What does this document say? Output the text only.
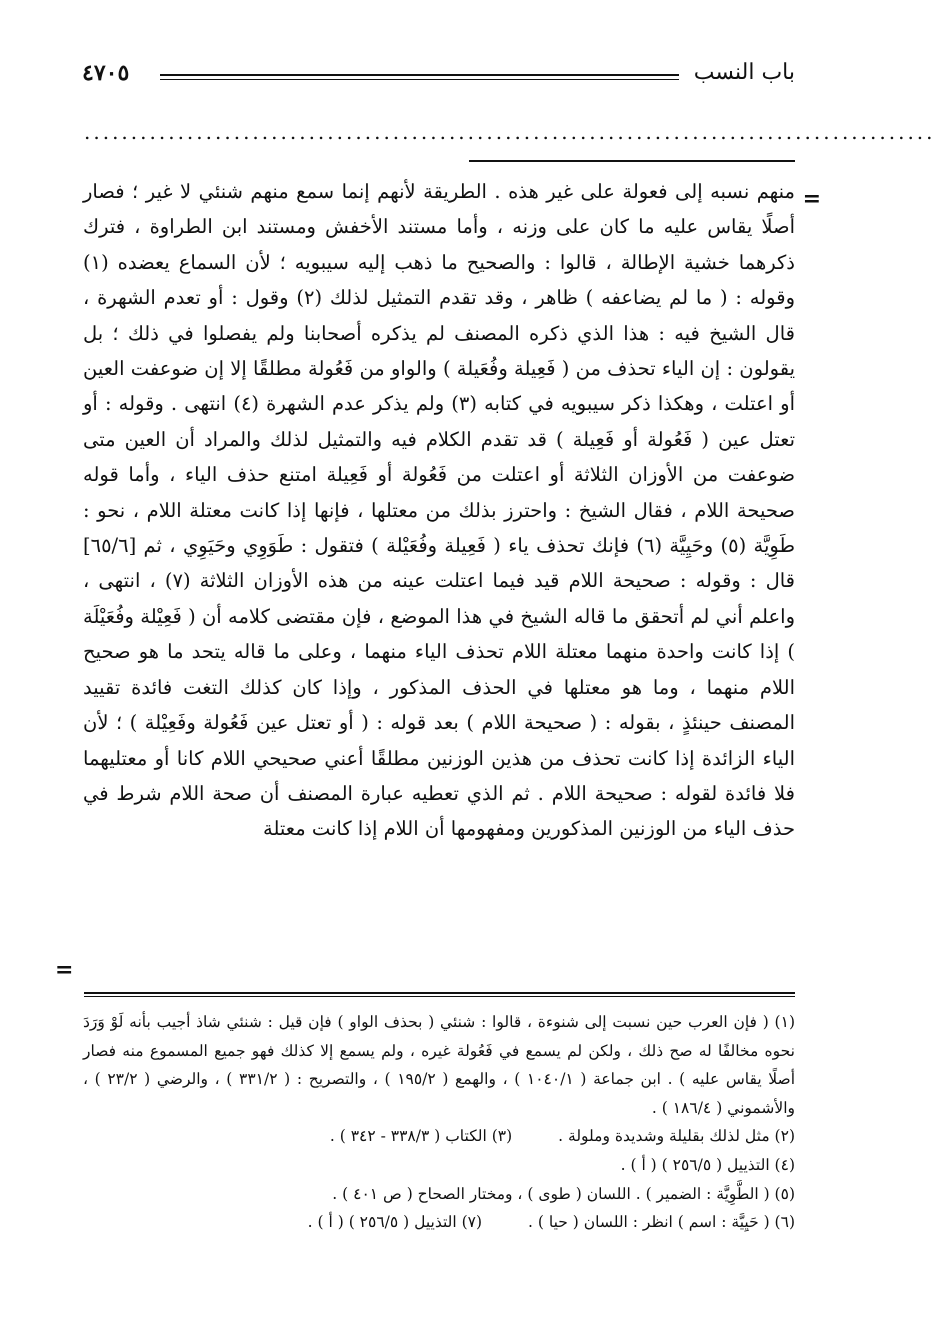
باب النسب
٤٧٠٥
...........................................................................................
=

منهم نسبه إلى فعولة على غير هذه . الطريقة لأنهم إنما سمع منهم شنئي لا غير ؛ فصار أصلًا يقاس عليه ما كان على وزنه ، وأما مستند الأخفش ومستند ابن الطراوة ، فترك ذكرهما خشية الإطالة ، قالوا : والصحيح ما ذهب إليه سيبويه ؛ لأن السماع يعضده (١) وقوله : ( ما لم يضاعفه ) ظاهر ، وقد تقدم التمثيل لذلك (٢) وقول : أو تعدم الشهرة ، قال الشيخ فيه : هذا الذي ذكره المصنف لم يذكره أصحابنا ولم يفصلوا في ذلك ؛ بل يقولون : إن الياء تحذف من ( فَعِيلة وفُعَيلة ) والواو من فَعُولة مطلقًا إلا إن ضوعفت العين أو اعتلت ، وهكذا ذكر سيبويه في كتابه (٣) ولم يذكر عدم الشهرة (٤) انتهى . وقوله : أو تعتل عين ( فَعُولة أو فَعِيلة ) قد تقدم الكلام فيه والتمثيل لذلك والمراد أن العين متى ضوعفت من الأوزان الثلاثة أو اعتلت من فَعُولة أو فَعِيلة امتنع حذف الياء ، وأما قوله صحيحة اللام ، فقال الشيخ : واحترز بذلك من معتلها ، فإنها إذا كانت معتلة اللام ، نحو : طَوِيَّة (٥) وحَيِيَّة (٦) فإنك تحذف ياء ( فَعِيلة وفُعَيْلة ) فتقول : طَوَوِي وحَيَوِي ، ثم [٦٥/٦] قال : وقوله : صحيحة اللام قيد فيما اعتلت عينه من هذه الأوزان الثلاثة (٧) ، انتهى ، واعلم أني لم أتحقق ما قاله الشيخ في هذا الموضع ، فإن مقتضى كلامه أن ( فَعِيْلة وفُعَيْلَة ) إذا كانت واحدة منهما معتلة اللام تحذف الياء منهما ، وعلى ما قاله يتحد ما هو صحيح اللام منهما ، وما هو معتلها في الحذف المذكور ، وإذا كان كذلك التغت فائدة تقييد المصنف حينئذٍ ، بقوله : ( صحيحة اللام ) بعد قوله : ( أو تعتل عين فَعُولة وفَعِيْلة ) ؛ لأن الياء الزائدة إذا كانت تحذف من هذين الوزنين مطلقًا أعني صحيحي اللام كانا أو معتليهما فلا فائدة لقوله : صحيحة اللام . ثم الذي تعطيه عبارة المصنف أن صحة اللام شرط في حذف الياء من الوزنين المذكورين ومفهومها أن اللام إذا كانت معتلة

=

(١) ( فإن العرب حين نسبت إلى شنوءة ، قالوا : شنئي ( بحذف الواو ) فإن قيل : شنئي شاذ أجيب بأنه لَوْ وَرَدَ نحوه مخالفًا له صح ذلك ، ولكن لم يسمع في فَعُولة غيره ، ولم يسمع إلا كذلك فهو جميع المسموع منه فصار أصلًا يقاس عليه ) . ابن جماعة ( ١٠٤٠/١ ) ، والهمع ( ١٩٥/٢ ) ، والتصريح : ( ٣٣١/٢ ) ، والرضي ( ٢٣/٢ ) ، والأشموني ( ١٨٦/٤ ) .

(٢) مثل لذلك بقليلة وشديدة وملولة .
(٣) الكتاب ( ٣٣٨/٣ - ٣٤٢ ) .

(٤) التذييل ( ٢٥٦/٥ ) ( أ ) .

(٥) ( الطَّوِيَّة : الضمير ) . اللسان ( طوى ) ، ومختار الصحاح ( ص ٤٠١ ) .

(٦) ( حَيِيَّة : اسم ) انظر : اللسان ( حيا ) .
(٧) التذييل ( ٢٥٦/٥ ) ( أ ) .
